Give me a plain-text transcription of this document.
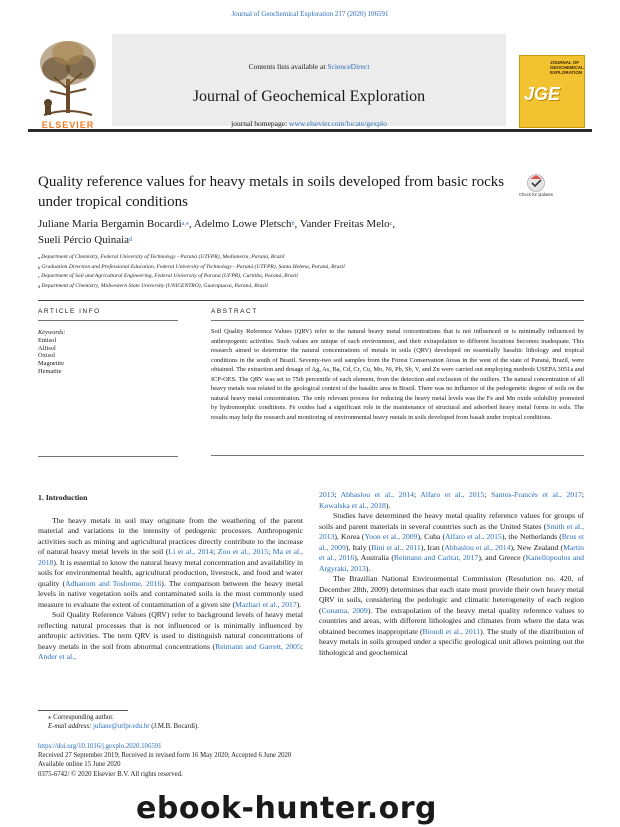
Journal of Geochemical Exploration 217 (2020) 106591
ELSEVIER
Contents lists available at ScienceDirect
Journal of Geochemical Exploration
journal homepage: www.elsevier.com/locate/gexplo
JGE
JOURNAL OF GEOCHEMICAL EXPLORATION
Quality reference values for heavy metals in soils developed from basic rocks under tropical conditions	Check for updates
Juliane Maria Bergamin Bocardi$^{a,⁎}$, Adelmo Lowe Pletsch$^b$, Vander Freitas Melo$^c$,
Sueli Pércio Quinaia$^d$
$^a$ Department of Chemistry, Federal University of Technology - Paraná (UTFPR), Medianeira, Paraná, Brazil
$^b$ Graduation Direction and Professional Education, Federal University of Technology - Paraná (UTFPR), Santa Helena, Paraná, Brazil
$^c$ Department of Soil and Agricultural Engineering, Federal University of Paraná (UFPR), Curitiba, Paraná, Brazil
$^d$ Department of Chemistry, Midwestern State University (UNICENTRO), Guarapuava, Paraná, Brazil
ARTICLE INFO	ABSTRACT
Keywords:
Entisol
Alfisol
Oxisol
Magnetite
Hematite
Soil Quality Reference Values (QRV) refer to the natural heavy metal concentrations that is not influenced or is minimally influenced by anthropogenic activities. Such values are unique of each environment, and their extrapolation to different locations becomes inadequate. This research aimed to determine the natural concentrations of metals in soils (QRV) developed on essentially basaltic lithology and tropical conditions in the south of Brazil. Seventy-two soil samples from the Forest Conservation Areas in the west of the state of Paraná, Brazil, were obtained. The extraction and dosage of Ag, As, Ba, Cd, Cr, Cu, Mo, Ni, Pb, Sb, V, and Zn were carried out employing methods USEPA 3051a and ICP-OES. The QRV was set to 75th percentile of each element, from the detection and exclusion of the outliers. The natural concentration of all heavy metals was related to the geological context of the basaltic area in Brazil. There was no influence of the pedogenetic degree of soils on the natural heavy metal concentration. The only relevant process for reducing the heavy metal levels was the Fe and Mn oxide solubility promoted by hydromorphic conditions. Fe oxides had a significant role in the maintenance of structural and adsorbed heavy metal forms in soils. The results may help the research and monitoring of environmental heavy metals in soils developed from basalt under tropical conditions.

1. Introduction

The heavy metals in soil may originate from the weathering of the parent material and variations in the intensity of pedogenic processes. Anthropogenic activities such as mining and agricultural practices directly contribute to the increase of natural heavy metal levels in the soil (Li et al., 2014; Zou et al., 2015; Ma et al., 2018). It is essential to know the natural heavy metal concentration and availability in soils for environmental health, agricultural production, livestock, and food and water quality (Adhanom and Toshome, 2016). The comparison between the heavy metal levels in native vegetation soils and contaminated soils is the most commonly used measure to evaluate the extent of contamination of a given site (Mazhari et al., 2017).

Soil Quality Reference Values (QRV) refer to background levels of heavy metal reflecting natural processes that is not influenced or is minimally influenced by anthropic activities. The term QRV is used to distinguish natural concentrations of heavy metals in the soil from abnormal concentrations (Reimann and Garrett, 2005; Ander et al.,

2013; Abbaslou et al., 2014; Alfaro et al., 2015; Santos-Francés et al., 2017; Kowalska et al., 2018).

Studies have determined the heavy metal quality reference values for groups of soils and parent materials in several countries such as the United States (Smith et al., 2013), Korea (Yoon et al., 2009), Cuba (Alfaro et al., 2015), the Netherlands (Brus et al., 2009), Italy (Bini et al., 2011), Iran (Abbaslou et al., 2014), New Zealand (Martin et al., 2016), Australia (Reimann and Caritat, 2017), and Greece (Kanellopoulos and Argyraki, 2013).

The Brazilian National Environmental Commission (Resolution no. 420, of December 28th, 2009) determines that each state must provide their own heavy metal QRV in soils, considering the pedologic and climatic heterogeneity of each region (Conama, 2009). The extrapolation of the heavy metal quality reference values to countries and areas, with different lithologies and climates from where the data was obtained becomes inappropriate (Biondi et al., 2011). The study of the distribution of heavy metals in soils grouped under a specific geological unit allows pointing out the lithological and geochemical

⁎ Corresponding author.
E-mail address: juliane@utfpr.edu.br (J.M.B. Bocardi).
https://doi.org/10.1016/j.gexplo.2020.106591
Received 27 September 2019; Received in revised form 16 May 2020; Accepted 6 June 2020
Available online 15 June 2020
0375-6742/ © 2020 Elsevier B.V. All rights reserved.
ebook-hunter.org
